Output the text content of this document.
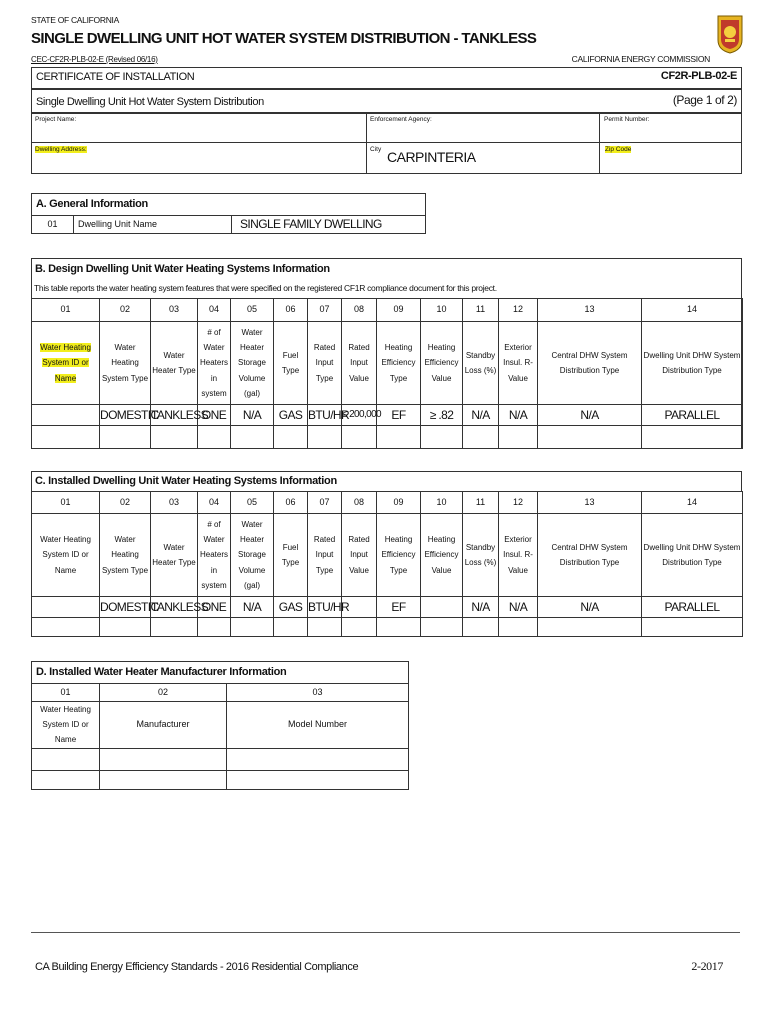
STATE OF CALIFORNIA
SINGLE DWELLING UNIT HOT WATER SYSTEM DISTRIBUTION - TANKLESS
CEC-CF2R-PLB-02-E (Revised 06/16)	CALIFORNIA ENERGY COMMISSION
CERTIFICATE OF INSTALLATION	CF2R-PLB-02-E
Single Dwelling Unit Hot Water System Distribution	(Page 1 of 2)
Project Name:	Enforcement Agency:	Permit Number:
Dwelling Address:	City CARPINTERIA	Zip Code
A. General Information
01	Dwelling Unit Name	SINGLE FAMILY DWELLING
B. Design Dwelling Unit Water Heating Systems Information
This table reports the water heating system features that were specified on the registered CF1R compliance document for this project.
01	02	03	04	05	06	07	08	09	10	11	12	13	14
Water Heating System ID or Name	Water Heating System Type	Water Heater Type	# of Water Heaters in system	Water Heater Storage Volume (gal)	Fuel Type	Rated Input Type	Rated Input Value	Heating Efficiency Type	Heating Efficiency Value	Standby Loss (%)	Exterior Insul. R-Value	Central DHW System Distribution Type	Dwelling Unit DHW System Distribution Type
	DOMESTIC	TANKLESS	ONE	N/A	GAS	BTU/HR	≤ 200,000	EF	≥ .82	N/A	N/A	N/A	PARALLEL

C. Installed Dwelling Unit Water Heating Systems Information
01	02	03	04	05	06	07	08	09	10	11	12	13	14
Water Heating System ID or Name	Water Heating System Type	Water Heater Type	# of Water Heaters in system	Water Heater Storage Volume (gal)	Fuel Type	Rated Input Type	Rated Input Value	Heating Efficiency Type	Heating Efficiency Value	Standby Loss (%)	Exterior Insul. R-Value	Central DHW System Distribution Type	Dwelling Unit DHW System Distribution Type
	DOMESTIC	TANKLESS	ONE	N/A	GAS	BTU/HR		EF		N/A	N/A	N/A	PARALLEL

D. Installed Water Heater Manufacturer Information		
01	02	03
Water Heating System ID or Name	Manufacturer	Model Number

CA Building Energy Efficiency Standards - 2016 Residential Compliance	2-2017
